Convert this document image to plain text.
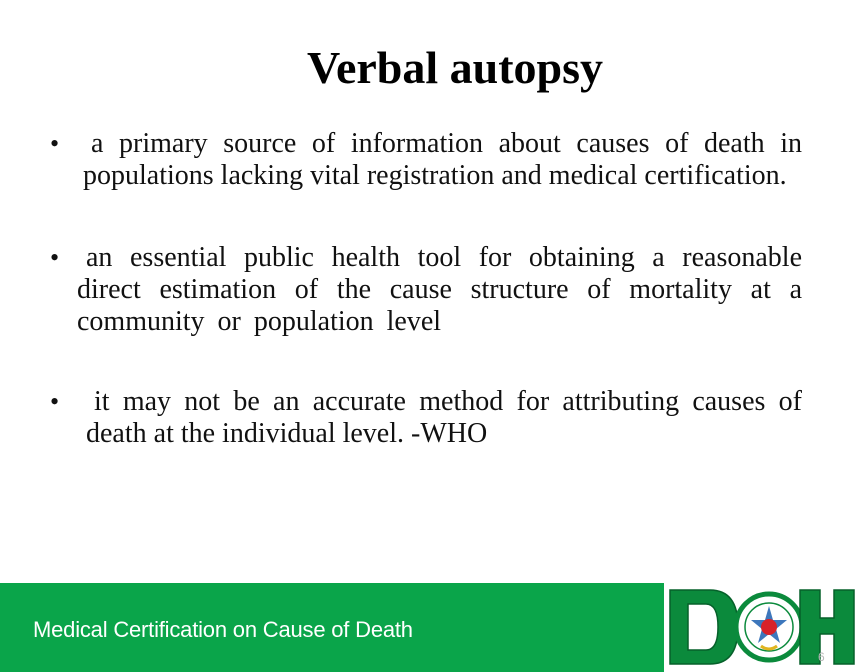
Verbal autopsy
• a primary source of information about causes of death in populations lacking vital registration and medical certification.
• an essential public health tool for obtaining a reasonable direct estimation of the cause structure of mortality at a community or population level
• it may not be an accurate method for attributing causes of death at the individual level. -WHO
Medical Certification on Cause of Death
6
